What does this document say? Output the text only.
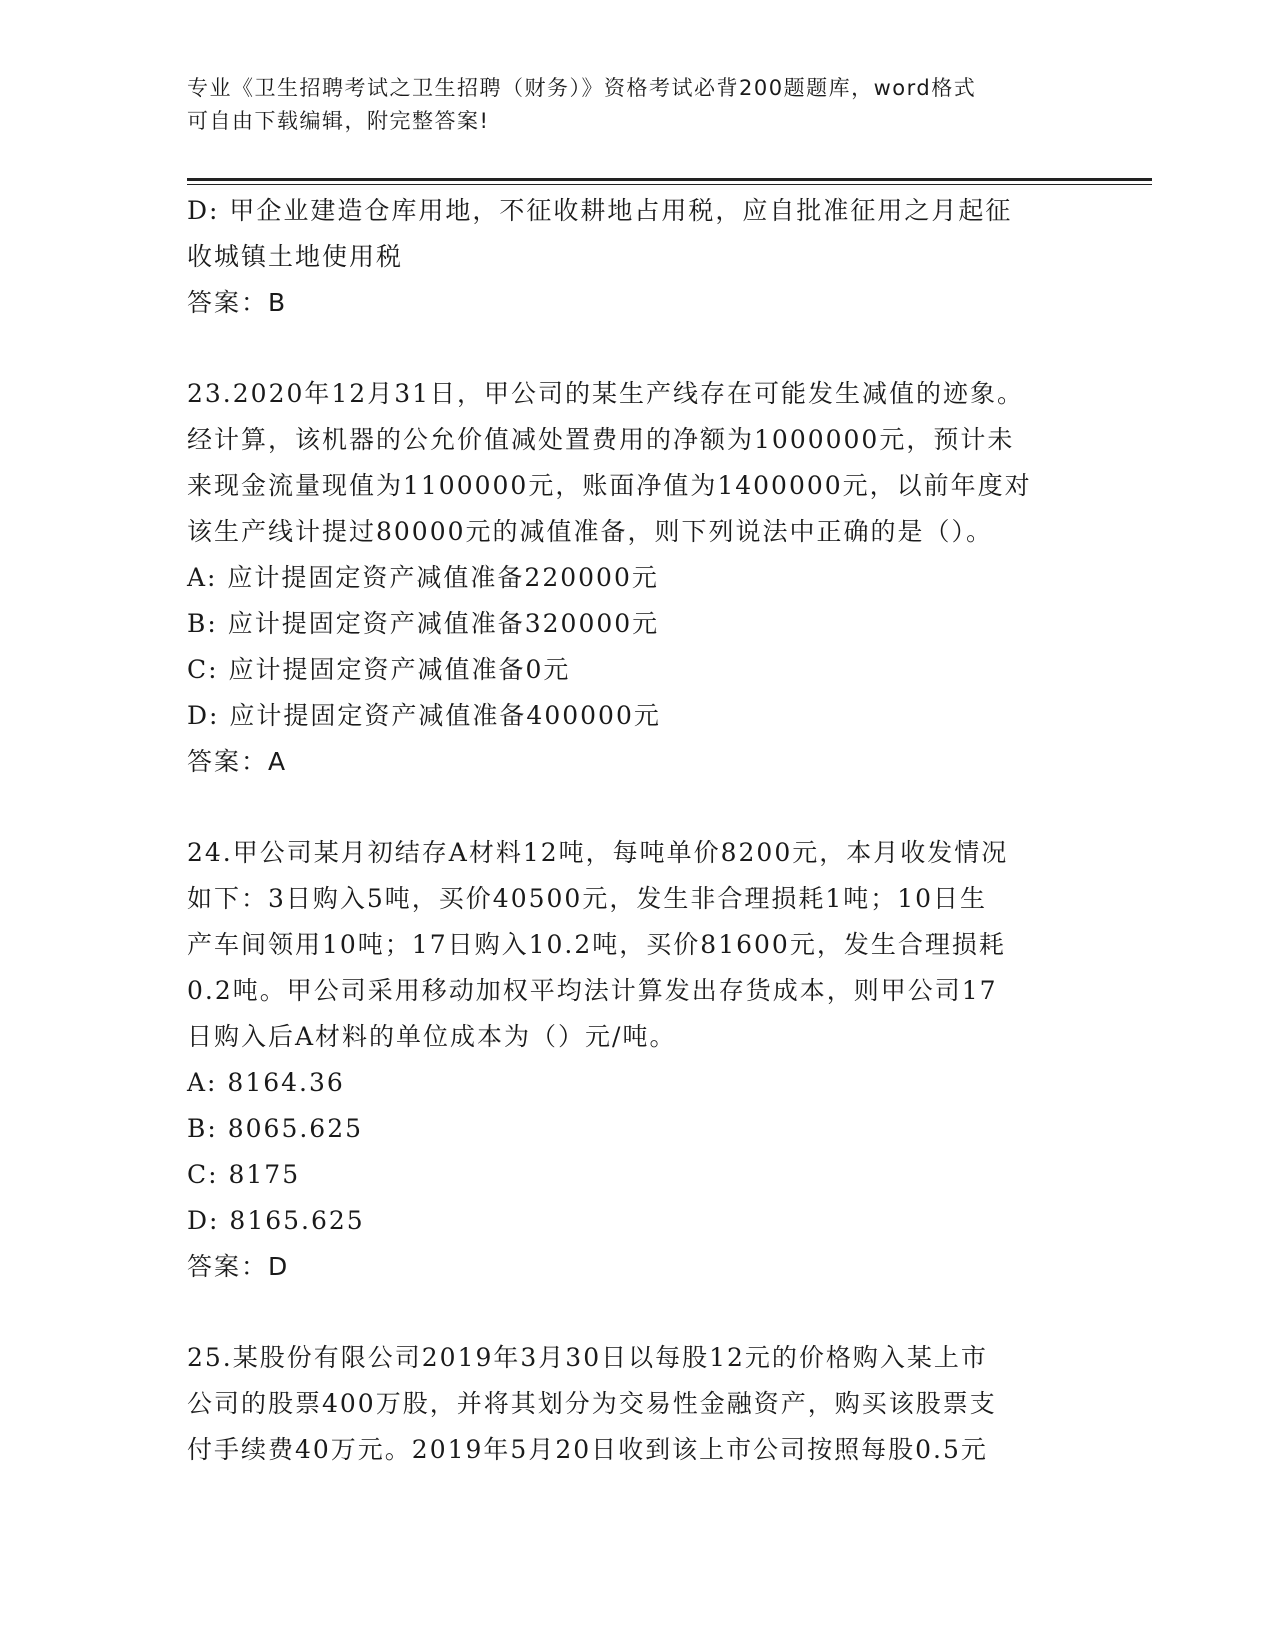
专业《卫生招聘考试之卫生招聘（财务）》资格考试必背200题题库，word格式
可自由下载编辑，附完整答案!
D: 甲企业建造仓库用地，不征收耕地占用税，应自批准征用之月起征
收城镇土地使用税
答案：B
23.2020年12月31日，甲公司的某生产线存在可能发生减值的迹象。
经计算，该机器的公允价值减处置费用的净额为1000000元，预计未
来现金流量现值为1100000元，账面净值为1400000元，以前年度对
该生产线计提过80000元的减值准备，则下列说法中正确的是（）。
A: 应计提固定资产减值准备220000元
B: 应计提固定资产减值准备320000元
C: 应计提固定资产减值准备0元
D: 应计提固定资产减值准备400000元
答案：A
24.甲公司某月初结存A材料12吨，每吨单价8200元，本月收发情况
如下：3日购入5吨，买价40500元，发生非合理损耗1吨；10日生
产车间领用10吨；17日购入10.2吨，买价81600元，发生合理损耗
0.2吨。甲公司采用移动加权平均法计算发出存货成本，则甲公司17
日购入后A材料的单位成本为（）元/吨。
A: 8164.36
B: 8065.625
C: 8175
D: 8165.625
答案：D
25.某股份有限公司2019年3月30日以每股12元的价格购入某上市
公司的股票400万股，并将其划分为交易性金融资产，购买该股票支
付手续费40万元。2019年5月20日收到该上市公司按照每股0.5元
